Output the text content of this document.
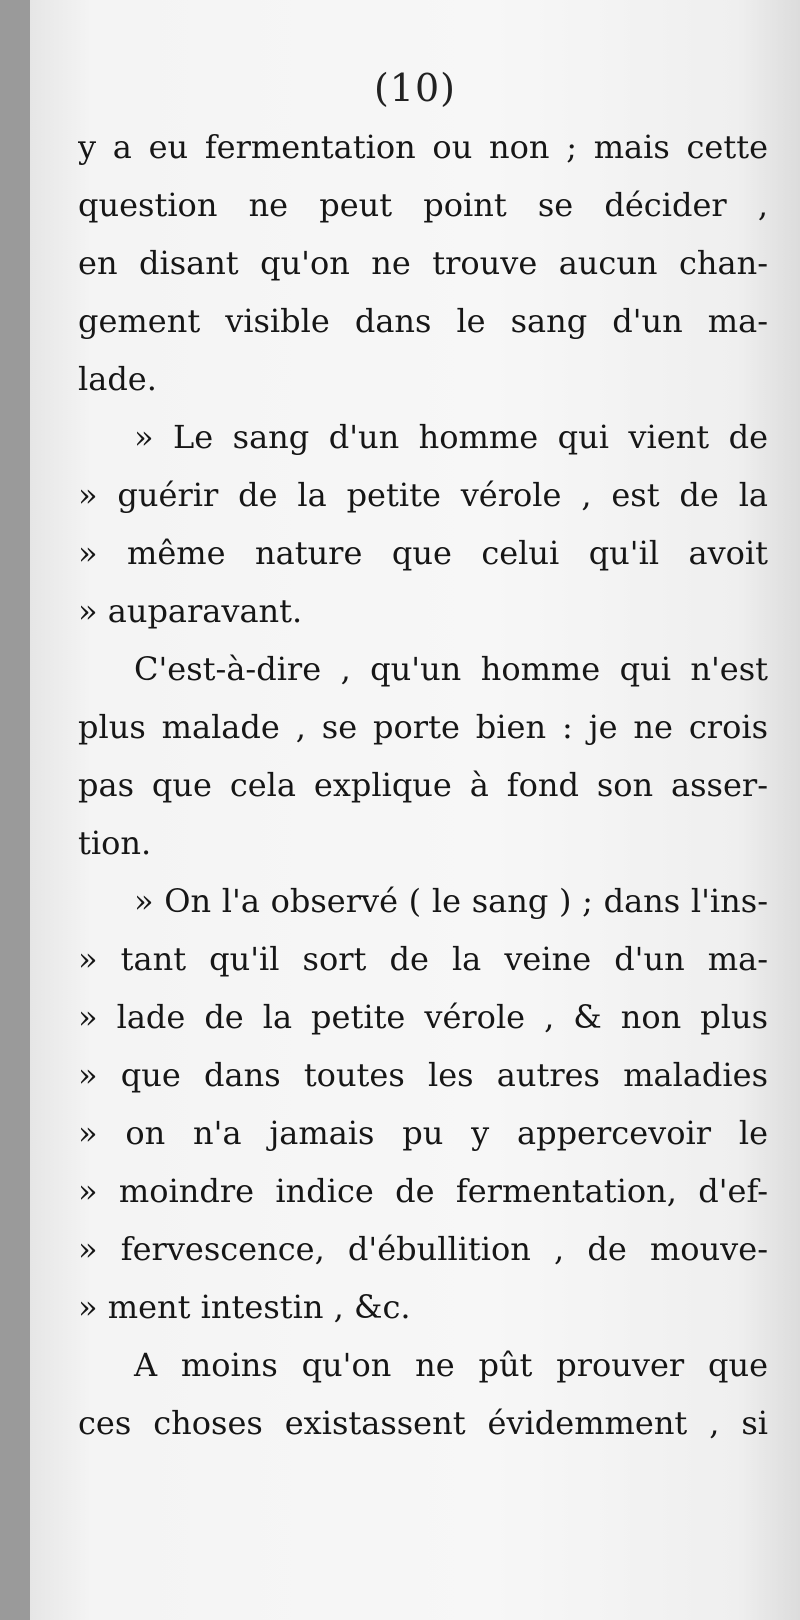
(10)
y a eu fermentation ou non ; mais cette
question ne peut point se décider ,
en disant qu'on ne trouve aucun chan-
gement visible dans le sang d'un ma-
lade.
» Le sang d'un homme qui vient de
» guérir de la petite vérole , est de la
» même nature que celui qu'il avoit
» auparavant.
C'est-à-dire , qu'un homme qui n'est
plus malade , se porte bien : je ne crois
pas que cela explique à fond son asser-
tion.
» On l'a observé ( le sang ) ; dans l'ins-
» tant qu'il sort de la veine d'un ma-
» lade de la petite vérole , & non plus
» que dans toutes les autres maladies
» on n'a jamais pu y appercevoir le
» moindre indice de fermentation, d'ef-
» fervescence, d'ébullition , de mouve-
» ment intestin , &c.
A moins qu'on ne pût prouver que
ces choses existassent évidemment , si
